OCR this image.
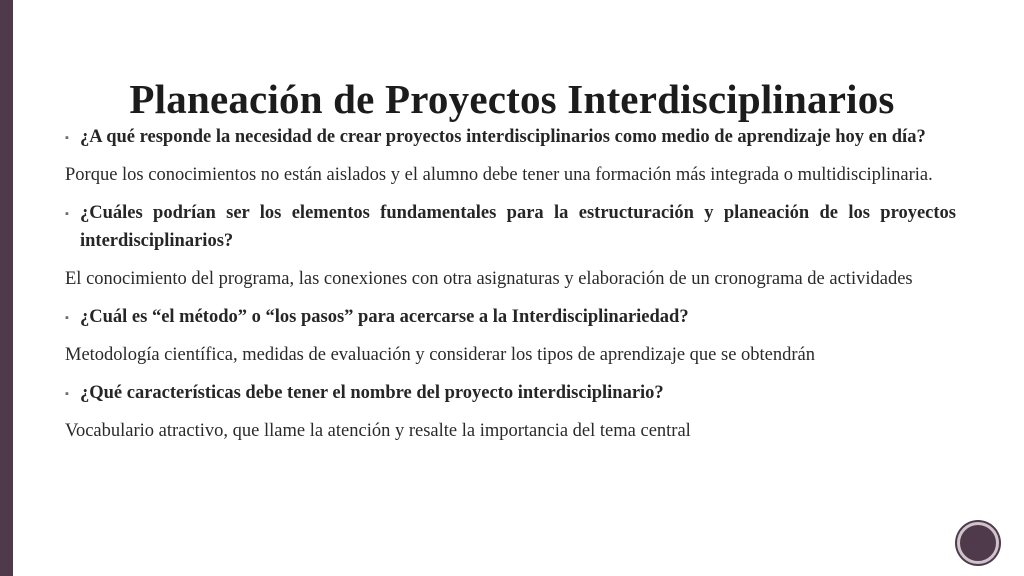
Planeación de Proyectos Interdisciplinarios
▪ ¿A qué responde la necesidad de crear proyectos interdisciplinarios como medio de aprendizaje hoy en día?
Porque los conocimientos no están aislados y el alumno debe tener una formación más integrada o multidisciplinaria.
▪ ¿Cuáles podrían ser los elementos fundamentales para la estructuración y planeación de los proyectos interdisciplinarios?
El conocimiento del programa, las conexiones con otra asignaturas y elaboración de un cronograma de actividades
▪ ¿Cuál es “el método” o “los pasos” para acercarse a la Interdisciplinariedad?
Metodología científica, medidas de evaluación y considerar los tipos de aprendizaje que se obtendrán
▪ ¿Qué características debe tener el nombre del proyecto interdisciplinario?
Vocabulario atractivo, que llame la atención y resalte la importancia del tema central
